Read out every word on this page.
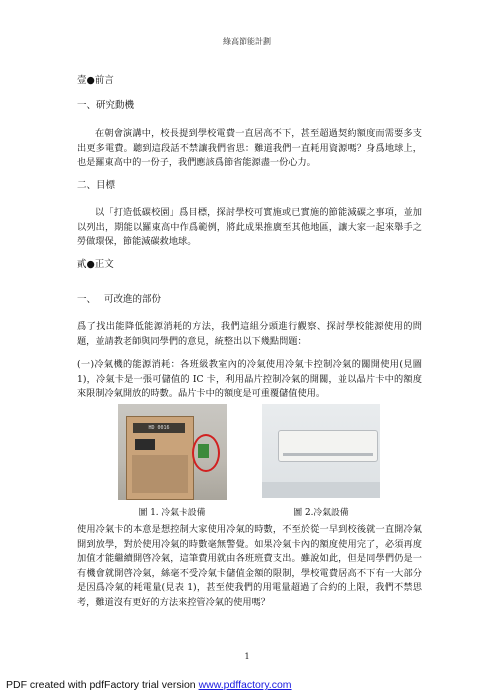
綠高節能計劃
壹●前言
一、研究動機
在朝會演講中，校長提到學校電費一直居高不下，甚至超過契約額度而需要多支出更多電費。聽到這段話不禁讓我們省思：難道我們一直耗用資源嗎？身爲地球上，也是羅東高中的一份子，我們應該爲節省能源盡一份心力。
二、目標
以「打造低碳校園」爲目標，探討學校可實施或已實施的節能減碳之事項，並加以列出，期能以羅東高中作爲範例，將此成果推廣至其他地區，讓大家一起來舉手之勞做環保，節能減碳救地球。
貳●正文
一、 可改進的部份
爲了找出能降低能源消耗的方法，我們這組分頭進行觀察、探討學校能源使用的問題，並請教老師與同學們的意見，統整出以下幾點問題：
(一)冷氣機的能源消耗：各班級教室內的冷氣使用冷氣卡控制冷氣的關開使用(見圖 1)，冷氣卡是一張可儲值的 IC 卡，利用晶片控制冷氣的開關，並以晶片卡中的額度來限制冷氣開放的時數。晶片卡中的額度是可重覆儲值使用。
HD 0016
圖 1. 冷氣卡設備	圖 2.冷氣設備
使用冷氣卡的本意是想控制大家使用冷氣的時數，不至於從一早到校後就一直開冷氣開到放學，對於使用冷氣的時數毫無警覺。如果冷氣卡內的額度使用完了，必須再度加值才能繼續開啓冷氣，這筆費用就由各班班費支出。雖說如此，但是同學們仍是一有機會就開啓冷氣，絲毫不受冷氣卡儲值金額的限制，學校電費居高不下有一大部分是因爲冷氣的耗電量(見表 1)，甚至使我們的用電量超過了合約的上限，我們不禁思考，難道沒有更好的方法來控管冷氣的使用嗎？
1
PDF created with pdfFactory trial version www.pdffactory.com
